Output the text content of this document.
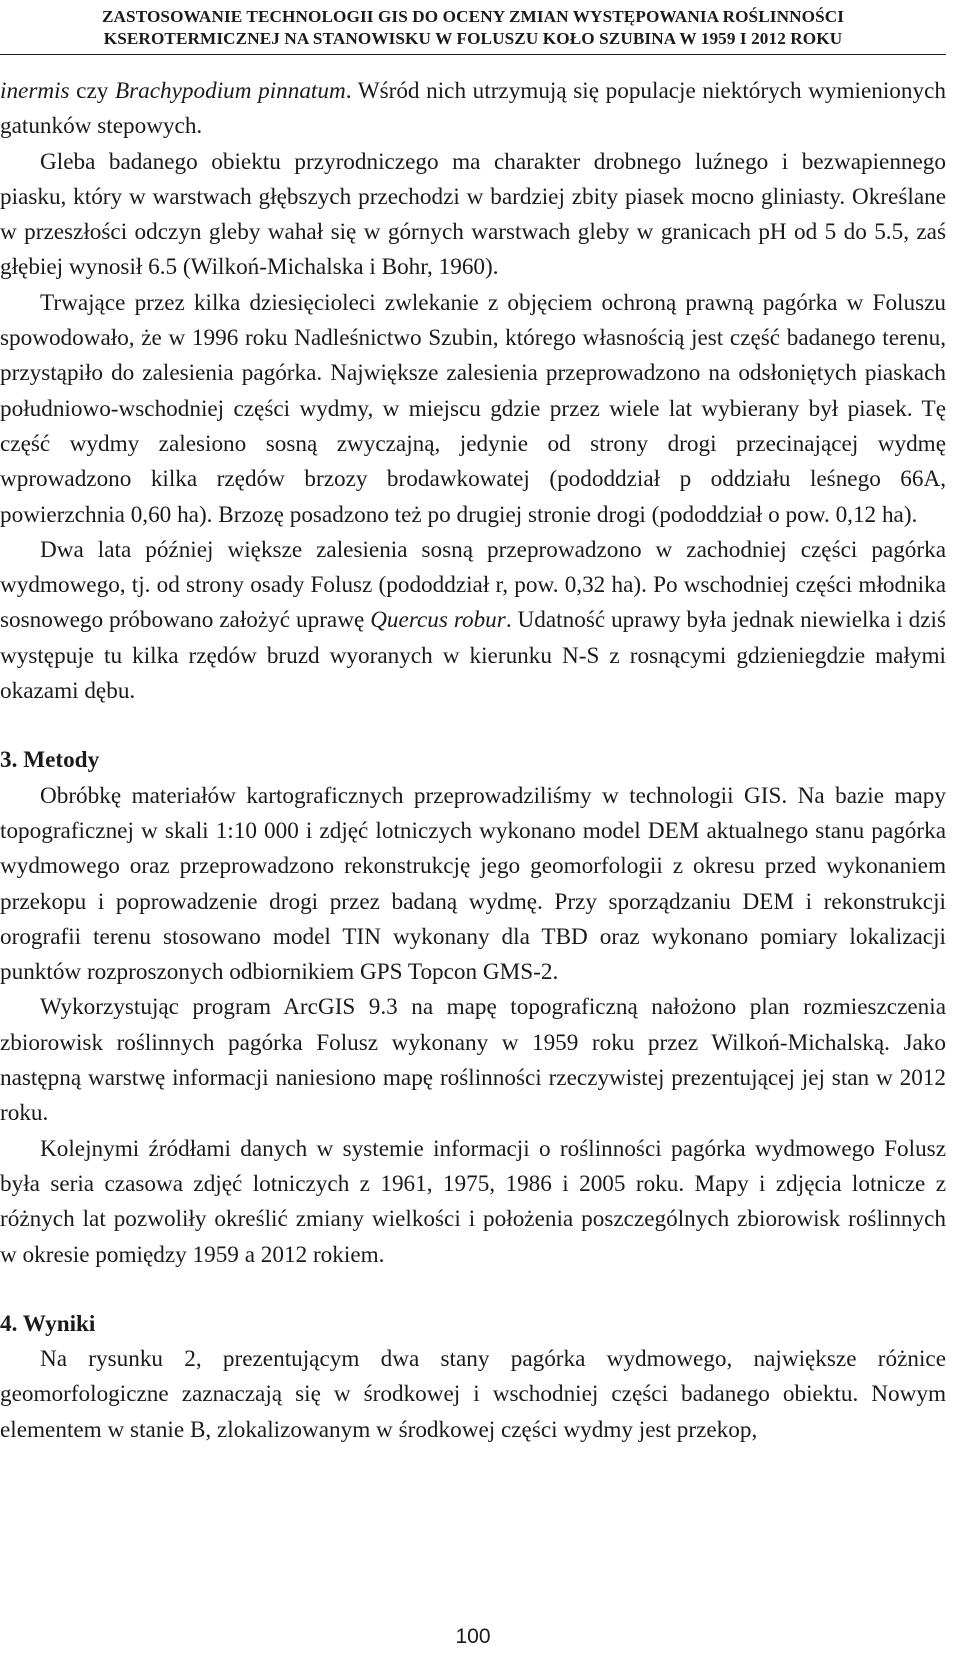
ZASTOSOWANIE TECHNOLOGII GIS DO OCENY ZMIAN WYSTĘPOWANIA ROŚLINNOŚCI
KSEROTERMICZNEJ NA STANOWISKU W FOLUSZU KOŁO SZUBINA W 1959 I 2012 ROKU

inermis czy Brachypodium pinnatum. Wśród nich utrzymują się populacje niektórych wymienionych gatunków stepowych.

Gleba badanego obiektu przyrodniczego ma charakter drobnego luźnego i bezwapiennego piasku, który w warstwach głębszych przechodzi w bardziej zbity piasek mocno gliniasty. Określane w przeszłości odczyn gleby wahał się w górnych warstwach gleby w granicach pH od 5 do 5.5, zaś głębiej wynosił 6.5 (Wilkoń-Michalska i Bohr, 1960).

Trwające przez kilka dziesięcioleci zwlekanie z objęciem ochroną prawną pagórka w Foluszu spowodowało, że w 1996 roku Nadleśnictwo Szubin, którego własnością jest część badanego terenu, przystąpiło do zalesienia pagórka. Największe zalesienia przeprowadzono na odsłoniętych piaskach południowo-wschodniej części wydmy, w miejscu gdzie przez wiele lat wybierany był piasek. Tę część wydmy zalesiono sosną zwyczajną, jedynie od strony drogi przecinającej wydmę wprowadzono kilka rzędów brzozy brodawkowatej (pododdział p oddziału leśnego 66A, powierzchnia 0,60 ha). Brzozę posadzono też po drugiej stronie drogi (pododdział o pow. 0,12 ha).

Dwa lata później większe zalesienia sosną przeprowadzono w zachodniej części pagórka wydmowego, tj. od strony osady Folusz (pododdział r, pow. 0,32 ha). Po wschodniej części młodnika sosnowego próbowano założyć uprawę Quercus robur. Udatność uprawy była jednak niewielka i dziś występuje tu kilka rzędów bruzd wyoranych w kierunku N-S z rosnącymi gdzieniegdzie małymi okazami dębu.

3. Metody

Obróbkę materiałów kartograficznych przeprowadziliśmy w technologii GIS. Na bazie mapy topograficznej w skali 1:10 000 i zdjęć lotniczych wykonano model DEM aktualnego stanu pagórka wydmowego oraz przeprowadzono rekonstrukcję jego geomorfologii z okresu przed wykonaniem przekopu i poprowadzenie drogi przez badaną wydmę. Przy sporządzaniu DEM i rekonstrukcji orografii terenu stosowano model TIN wykonany dla TBD oraz wykonano pomiary lokalizacji punktów rozproszonych odbiornikiem GPS Topcon GMS-2.

Wykorzystując program ArcGIS 9.3 na mapę topograficzną nałożono plan rozmieszczenia zbiorowisk roślinnych pagórka Folusz wykonany w 1959 roku przez Wilkoń-Michalską. Jako następną warstwę informacji naniesiono mapę roślinności rzeczywistej prezentującej jej stan w 2012 roku.

Kolejnymi źródłami danych w systemie informacji o roślinności pagórka wydmowego Folusz była seria czasowa zdjęć lotniczych z 1961, 1975, 1986 i 2005 roku. Mapy i zdjęcia lotnicze z różnych lat pozwoliły określić zmiany wielkości i położenia poszczególnych zbiorowisk roślinnych w okresie pomiędzy 1959 a 2012 rokiem.

4. Wyniki

Na rysunku 2, prezentującym dwa stany pagórka wydmowego, największe różnice geomorfologiczne zaznaczają się w środkowej i wschodniej części badanego obiektu. Nowym elementem w stanie B, zlokalizowanym w środkowej części wydmy jest przekop,

100
